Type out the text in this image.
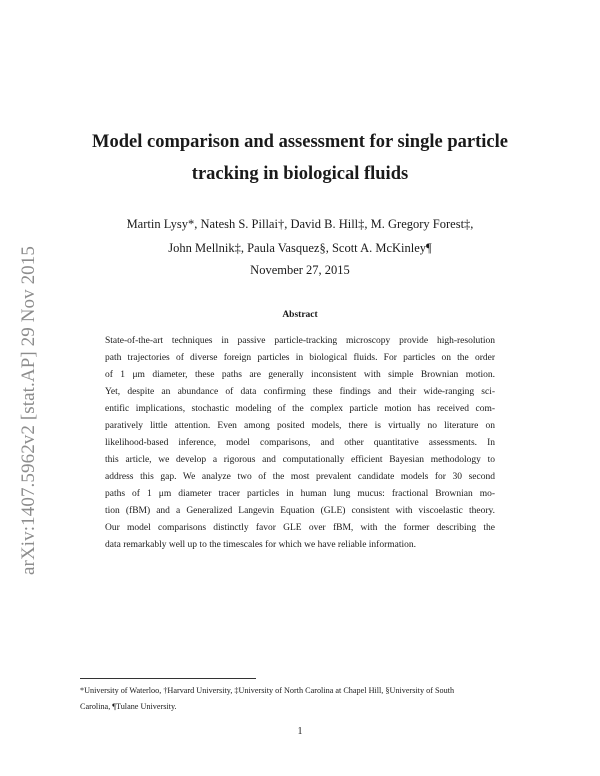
arXiv:1407.5962v2 [stat.AP] 29 Nov 2015
Model comparison and assessment for single particle
tracking in biological fluids
Martin Lysy*, Natesh S. Pillai†, David B. Hill‡, M. Gregory Forest‡,
John Mellnik‡, Paula Vasquez§, Scott A. McKinley¶
November 27, 2015
Abstract
State-of-the-art techniques in passive particle-tracking microscopy provide high-resolution
path trajectories of diverse foreign particles in biological fluids. For particles on the order
of 1 μm diameter, these paths are generally inconsistent with simple Brownian motion.
Yet, despite an abundance of data confirming these findings and their wide-ranging sci-
entific implications, stochastic modeling of the complex particle motion has received com-
paratively little attention. Even among posited models, there is virtually no literature on
likelihood-based inference, model comparisons, and other quantitative assessments. In
this article, we develop a rigorous and computationally efficient Bayesian methodology to
address this gap. We analyze two of the most prevalent candidate models for 30 second
paths of 1 μm diameter tracer particles in human lung mucus: fractional Brownian mo-
tion (fBM) and a Generalized Langevin Equation (GLE) consistent with viscoelastic theory.
Our model comparisons distinctly favor GLE over fBM, with the former describing the
data remarkably well up to the timescales for which we have reliable information.
*University of Waterloo, †Harvard University, ‡University of North Carolina at Chapel Hill, §University of South
Carolina, ¶Tulane University.
1
